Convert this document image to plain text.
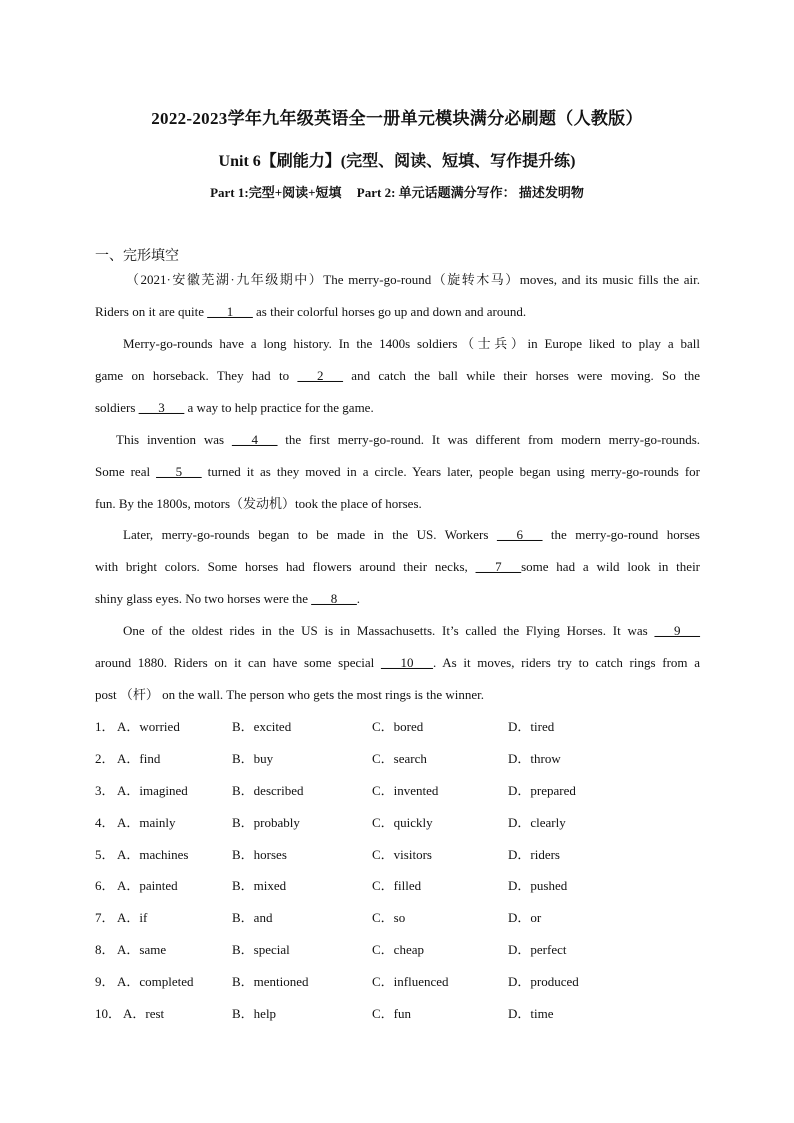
2022-2023学年九年级英语全一册单元模块满分必刷题（人教版）
Unit 6【刷能力】(完型、阅读、短填、写作提升练)
Part 1:完型+阅读+短填 Part 2: 单元话题满分写作： 描述发明物
一、完形填空
（2021·安徽芜湖·九年级期中）The merry-go-round（旋转木马）moves, and its music fills the air.
Riders on it are quite ___1___ as their colorful horses go up and down and around.
Merry-go-rounds have a long history. In the 1400s soldiers（士兵）in Europe liked to play a ball
game on horseback. They had to ___2___ and catch the ball while their horses were moving. So the
soldiers ___3___ a way to help practice for the game.
This invention was ___4___ the first merry-go-round. It was different from modern merry-go-rounds.
Some real ___5___ turned it as they moved in a circle. Years later, people began using merry-go-rounds for
fun. By the 1800s, motors（发动机）took the place of horses.
Later, merry-go-rounds began to be made in the US. Workers ___6___ the merry-go-round horses
with bright colors. Some horses had flowers around their necks, ___7___some had a wild look in their
shiny glass eyes. No two horses were the ___8___.
One of the oldest rides in the US is in Massachusetts. It’s called the Flying Horses. It was ___9___
around 1880. Riders on it can have some special ___10___. As it moves, riders try to catch rings from a
post （杆） on the wall. The person who gets the most rings is the winner.
1． A．worried	B．excited	C．bored	D．tired
2． A．find	B．buy	C．search	D．throw
3． A．imagined	B．described	C．invented	D．prepared
4． A．mainly	B．probably	C．quickly	D．clearly
5． A．machines	B．horses	C．visitors	D．riders
6． A．painted	B．mixed	C．filled	D．pushed
7． A．if	B．and	C．so	D．or
8． A．same	B．special	C．cheap	D．perfect
9． A．completed	B．mentioned	C．influenced	D．produced
10． A．rest	B．help	C．fun	D．time
